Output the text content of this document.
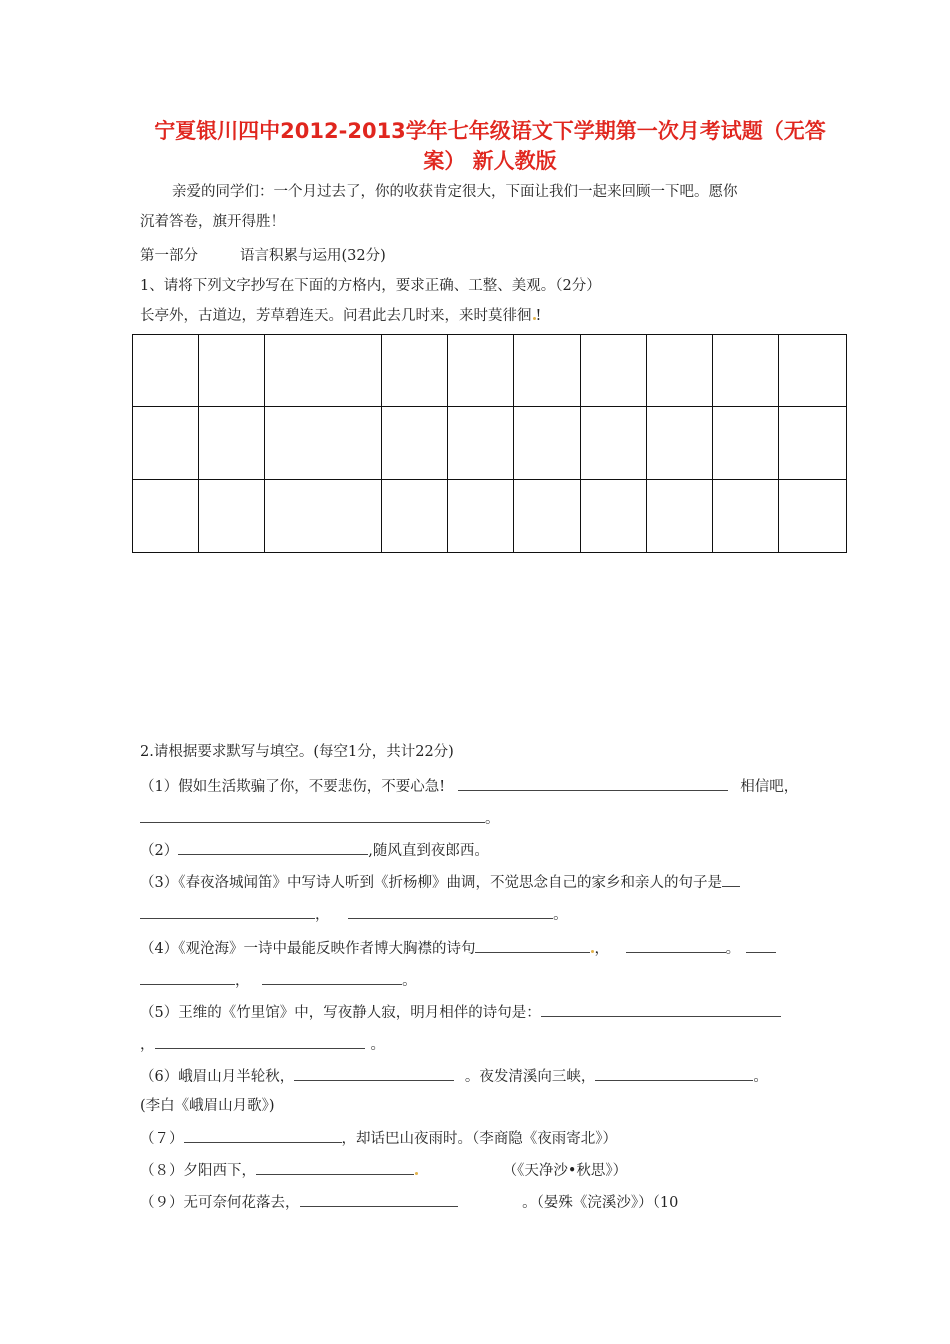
宁夏银川四中2012-2013学年七年级语文下学期第一次月考试题（无答
案） 新人教版
亲爱的同学们：一个月过去了，你的收获肯定很大，下面让我们一起来回顾一下吧。愿你
沉着答卷，旗开得胜！
第一部分	语言积累与运用(32分)
1、请将下列文字抄写在下面的方格内，要求正确、工整、美观。（2分）
长亭外，古道边，芳草碧连天。问君此去几时来，来时莫徘徊 !

2.请根据要求默写与填空。(每空1分，共计22分)
（1）假如生活欺骗了你，不要悲伤，不要心急!	相信吧，
。
（2）	,随风直到夜郎西。
（3）《春夜洛城闻笛》中写诗人听到《折杨柳》曲调，不觉思念自己的家乡和亲人的句子是
，	。
（4）《观沧海》一诗中最能反映作者博大胸襟的诗句	，	。
，	。
（5）王维的《竹里馆》中，写夜静人寂，明月相伴的诗句是：
，	。
（6）峨眉山月半轮秋，	。夜发清溪向三峡，	。
(李白《峨眉山月歌》)
（７）	，却话巴山夜雨时。（李商隐《夜雨寄北》）
（８）夕阳西下，	（《天净沙•秋思》）
（９）无可奈何花落去，	。（晏殊《浣溪沙》）（10
